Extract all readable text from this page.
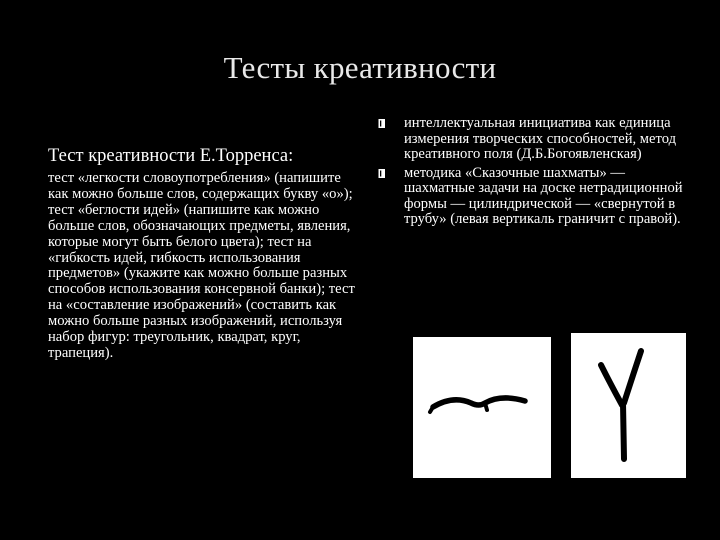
Тесты креативности
Тест креативности Е.Торренса:
тест «легкости словоупотребления» (напишите как можно больше слов, содержащих букву «о»); тест «беглости идей» (напишите как можно больше слов, обозначающих предметы, явления, которые могут быть белого цвета); тест на «гибкость идей, гибкость использования предметов» (укажите как можно больше разных способов использования консервной банки); тест на «составление изображений» (составить как можно больше разных изображений, используя набор фигур: треугольник, квадрат, круг, трапеция).
интеллектуальная инициатива как единица измерения творческих способностей, метод креативного поля (Д.Б.Богоявленская)
методика «Сказочные шахматы» — шахматные задачи на доске нетрадиционной формы — цилиндрической — «свернутой в трубу» (левая вертикаль граничит с правой).
